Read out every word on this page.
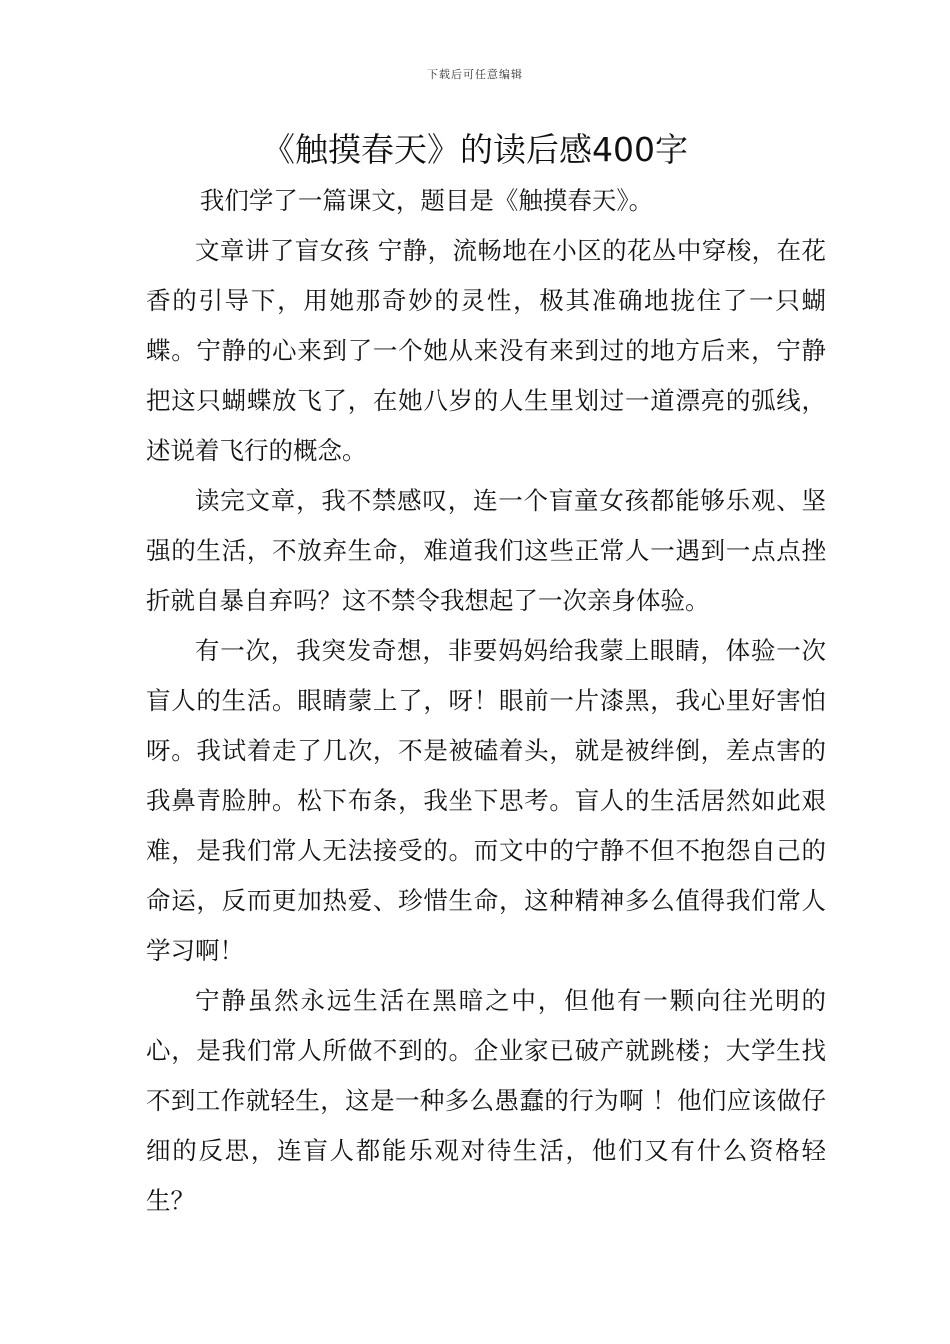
下载后可任意编辑
《触摸春天》的读后感400字

我们学了一篇课文，题目是《触摸春天》。

文章讲了盲女孩 宁静，流畅地在小区的花丛中穿梭，在花香的引导下，用她那奇妙的灵性，极其准确地拢住了一只蝴蝶。宁静的心来到了一个她从来没有来到过的地方后来，宁静把这只蝴蝶放飞了，在她八岁的人生里划过一道漂亮的弧线，述说着飞行的概念。

读完文章，我不禁感叹，连一个盲童女孩都能够乐观、坚强的生活，不放弃生命，难道我们这些正常人一遇到一点点挫折就自暴自弃吗？这不禁令我想起了一次亲身体验。

有一次，我突发奇想，非要妈妈给我蒙上眼睛，体验一次盲人的生活。眼睛蒙上了，呀！眼前一片漆黑，我心里好害怕呀。我试着走了几次，不是被磕着头，就是被绊倒，差点害的我鼻青脸肿。松下布条，我坐下思考。盲人的生活居然如此艰难，是我们常人无法接受的。而文中的宁静不但不抱怨自己的命运，反而更加热爱、珍惜生命，这种精神多么值得我们常人学习啊！

宁静虽然永远生活在黑暗之中，但他有一颗向往光明的心，是我们常人所做不到的。企业家已破产就跳楼；大学生找不到工作就轻生，这是一种多么愚蠢的行为啊 ！他们应该做仔细的反思，连盲人都能乐观对待生活，他们又有什么资格轻生？
